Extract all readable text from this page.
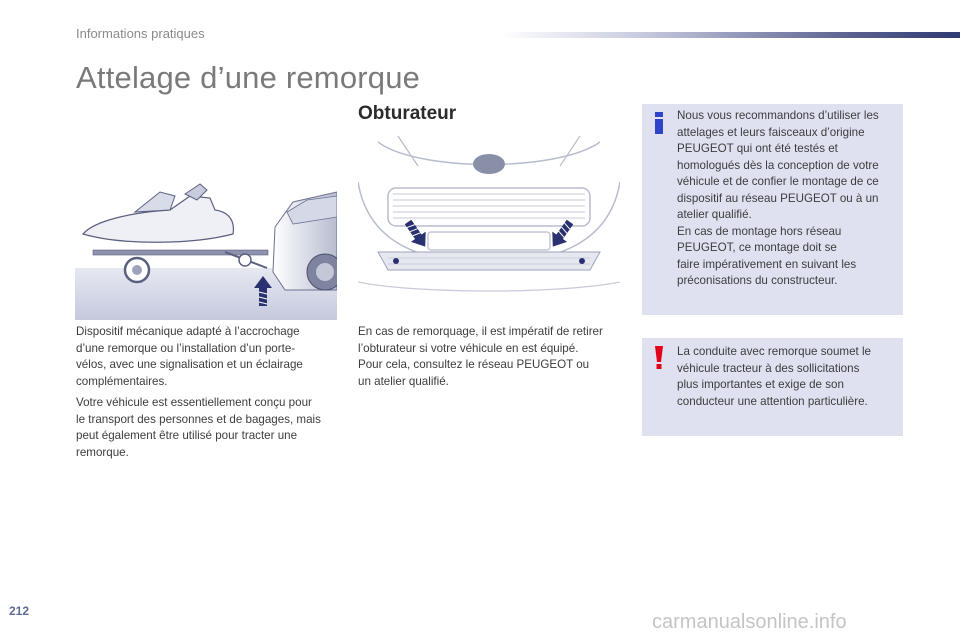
Informations pratiques
Attelage d’une remorque
Obturateur

Dispositif mécanique adapté à l’accrochage
d’une remorque ou l’installation d’un porte-
vélos, avec une signalisation et un éclairage
complémentaires.

Votre véhicule est essentiellement conçu pour
le transport des personnes et de bagages, mais
peut également être utilisé pour tracter une
remorque.

En cas de remorquage, il est impératif de retirer
l’obturateur si votre véhicule en est équipé.
Pour cela, consultez le réseau PEUGEOT ou
un atelier qualifié.

Nous vous recommandons d’utiliser les
attelages et leurs faisceaux d’origine
PEUGEOT qui ont été testés et
homologués dès la conception de votre
véhicule et de confier le montage de ce
dispositif au réseau PEUGEOT ou à un
atelier qualifié.
En cas de montage hors réseau
PEUGEOT, ce montage doit se
faire impérativement en suivant les
préconisations du constructeur.

La conduite avec remorque soumet le
véhicule tracteur à des sollicitations
plus importantes et exige de son
conducteur une attention particulière.

212	carmanualsonline.info
